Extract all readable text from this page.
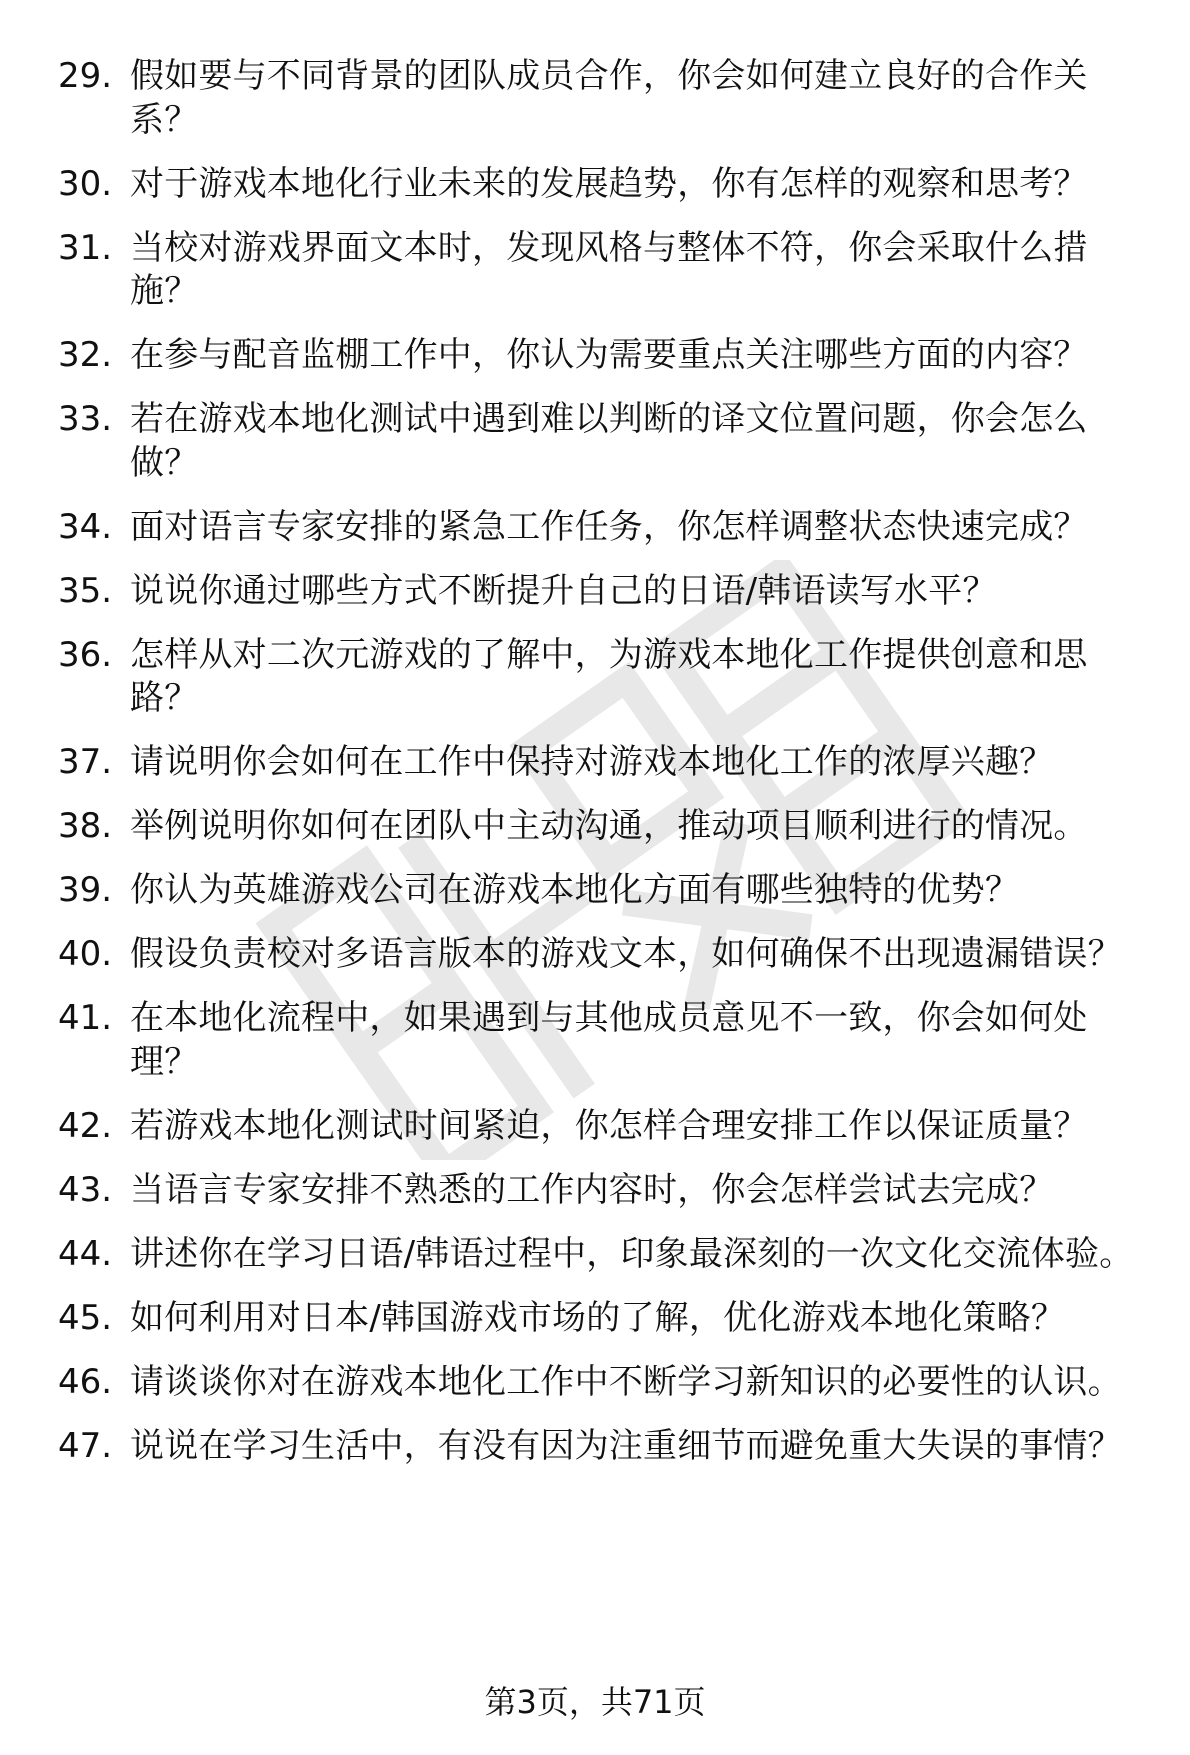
29. 假如要与不同背景的团队成员合作，你会如何建立良好的合作关系？
30. 对于游戏本地化行业未来的发展趋势，你有怎样的观察和思考？
31. 当校对游戏界面文本时，发现风格与整体不符，你会采取什么措施？
32. 在参与配音监棚工作中，你认为需要重点关注哪些方面的内容？
33. 若在游戏本地化测试中遇到难以判断的译文位置问题，你会怎么做？
34. 面对语言专家安排的紧急工作任务，你怎样调整状态快速完成？
35. 说说你通过哪些方式不断提升自己的日语/韩语读写水平？
36. 怎样从对二次元游戏的了解中，为游戏本地化工作提供创意和思路？
37. 请说明你会如何在工作中保持对游戏本地化工作的浓厚兴趣？
38. 举例说明你如何在团队中主动沟通，推动项目顺利进行的情况。
39. 你认为英雄游戏公司在游戏本地化方面有哪些独特的优势？
40. 假设负责校对多语言版本的游戏文本，如何确保不出现遗漏错误？
41. 在本地化流程中，如果遇到与其他成员意见不一致，你会如何处理？
42. 若游戏本地化测试时间紧迫，你怎样合理安排工作以保证质量？
43. 当语言专家安排不熟悉的工作内容时，你会怎样尝试去完成？
44. 讲述你在学习日语/韩语过程中，印象最深刻的一次文化交流体验。
45. 如何利用对日本/韩国游戏市场的了解，优化游戏本地化策略？
46. 请谈谈你对在游戏本地化工作中不断学习新知识的必要性的认识。
47. 说说在学习生活中，有没有因为注重细节而避免重大失误的事情？
第3页，共71页
